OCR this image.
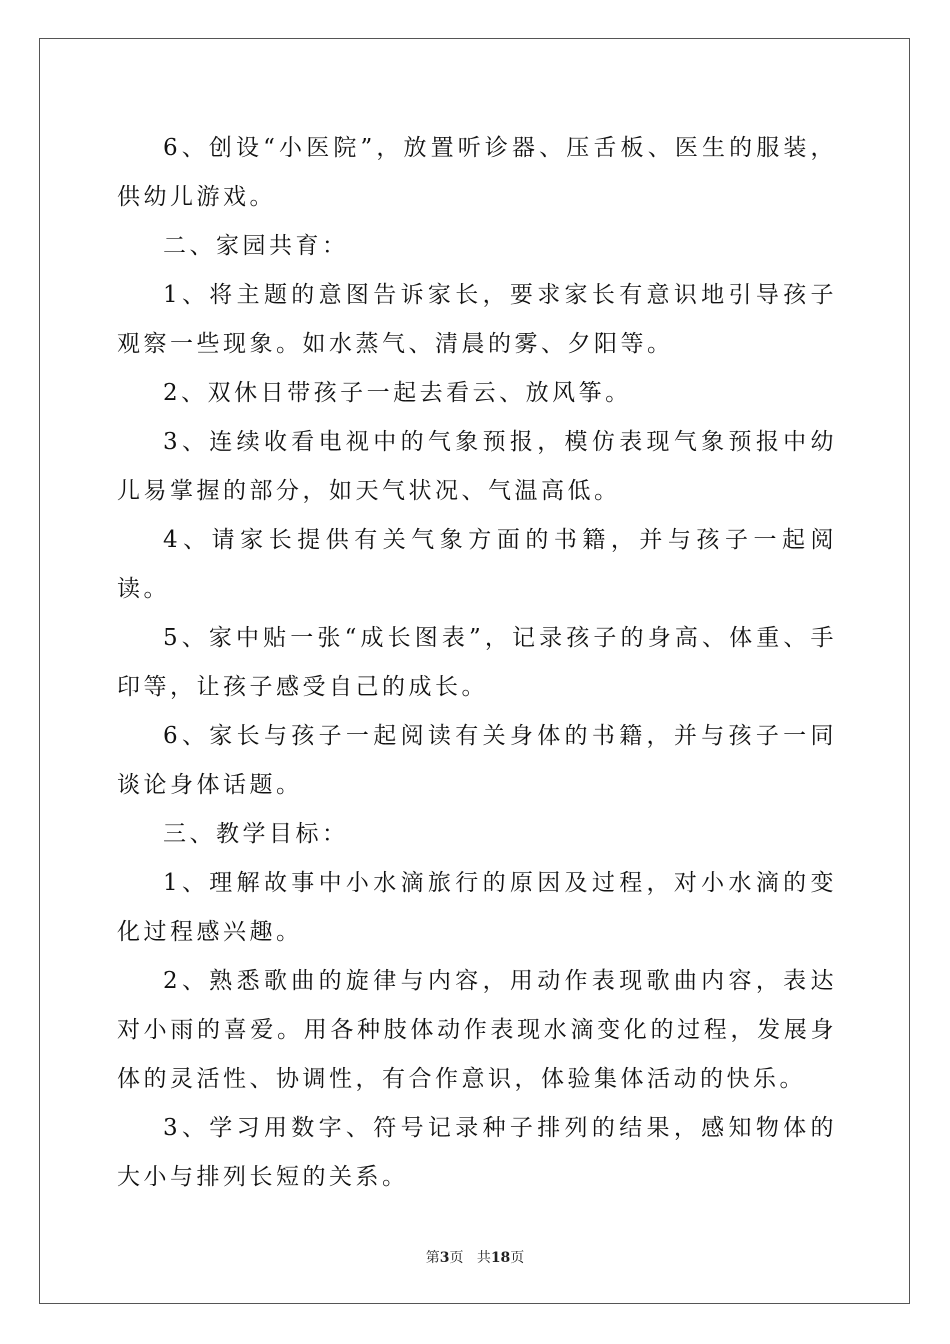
6、创设“小医院”，放置听诊器、压舌板、医生的服装，供幼儿游戏。

二、家园共育：

1、将主题的意图告诉家长，要求家长有意识地引导孩子观察一些现象。如水蒸气、清晨的雾、夕阳等。

2、双休日带孩子一起去看云、放风筝。

3、连续收看电视中的气象预报，模仿表现气象预报中幼儿易掌握的部分，如天气状况、气温高低。

4、请家长提供有关气象方面的书籍，并与孩子一起阅读。

5、家中贴一张“成长图表”，记录孩子的身高、体重、手印等，让孩子感受自己的成长。

6、家长与孩子一起阅读有关身体的书籍，并与孩子一同谈论身体话题。

三、教学目标：

1、理解故事中小水滴旅行的原因及过程，对小水滴的变化过程感兴趣。

2、熟悉歌曲的旋律与内容，用动作表现歌曲内容，表达对小雨的喜爱。用各种肢体动作表现水滴变化的过程，发展身体的灵活性、协调性，有合作意识，体验集体活动的快乐。

3、学习用数字、符号记录种子排列的结果，感知物体的大小与排列长短的关系。

第3页 共18页
